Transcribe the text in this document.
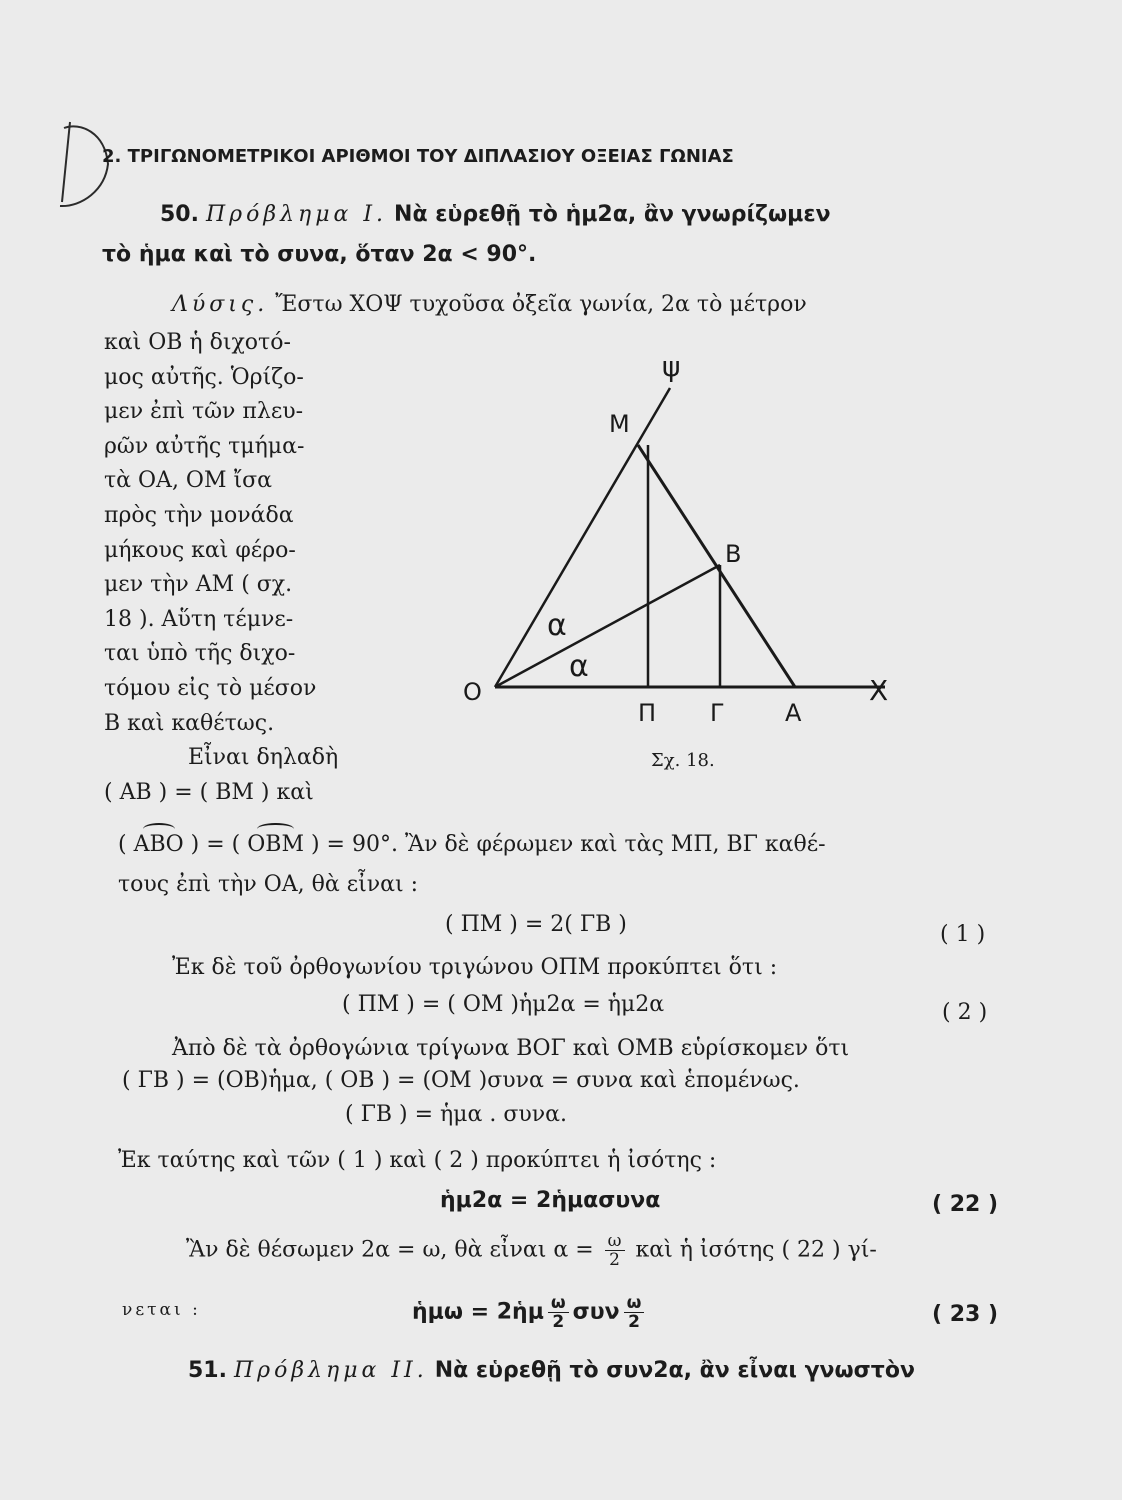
2. ΤΡΙΓΩΝΟΜΕΤΡΙΚΟΙ ΑΡΙΘΜΟΙ ΤΟΥ ΔΙΠΛΑΣΙΟΥ ΟΞΕΙΑΣ ΓΩΝΙΑΣ
50. Πρόβλημα Ι. Νὰ εὑρεθῇ τὸ ἡμ2α, ἂν γνωρίζωμεν
τὸ ἡμα καὶ τὸ συνα, ὅταν 2α < 90°.
Λύσις. Ἔστω ΧΟΨ τυχοῦσα ὀξεῖα γωνία, 2α τὸ μέτρον
καὶ ΟΒ ἡ διχοτό-
μος αὐτῆς. Ὁρίζο-
μεν ἐπὶ τῶν πλευ-
ρῶν αὐτῆς τμήμα-
τὰ ΟΑ, ΟΜ ἴσα
πρὸς τὴν μονάδα
μήκους καὶ φέρο-
μεν τὴν ΑΜ ( σχ.
18 ). Αὕτη τέμνε-
ται ὑπὸ τῆς διχο-
τόμου εἰς τὸ μέσον
Β καὶ καθέτως.
Εἶναι δηλαδὴ
( ΑΒ ) = ( ΒΜ ) καὶ
ψ
M
B
α
α
O	X
Π Γ	A
Σχ. 18.
( ΑΒΟ ) = ( ΟΒΜ ) = 90°. Ἂν δὲ φέρωμεν καὶ τὰς ΜΠ, ΒΓ καθέ-
τους ἐπὶ τὴν ΟΑ, θὰ εἶναι :
( ΠΜ ) = 2( ΓΒ )	( 1 )
Ἐκ δὲ τοῦ ὀρθογωνίου τριγώνου ΟΠΜ προκύπτει ὅτι :
( ΠΜ ) = ( ΟΜ )ἡμ2α = ἡμ2α	( 2 )
Ἀπὸ δὲ τὰ ὀρθογώνια τρίγωνα ΒΟΓ καὶ ΟΜΒ εὑρίσκομεν ὅτι
( ΓΒ ) = (ΟΒ)ἡμα, ( ΟΒ ) = (ΟΜ )συνα = συνα καὶ ἑπομένως.
( ΓΒ ) = ἡμα . συνα.
Ἐκ ταύτης καὶ τῶν ( 1 ) καὶ ( 2 ) προκύπτει ἡ ἰσότης :
ἡμ2α = 2ἡμασυνα	( 22 )
Ἂν δὲ θέσωμεν 2α = ω, θὰ εἶναι $\alpha = \frac{\omega}{2}$ καὶ ἡ ἰσότης ( 22 ) γί-
νεται :	ἡμω = 2ἡμ $\frac{\omega}{2}$ συν $\frac{\omega}{2}$	( 23 )
51. Πρόβλημα ΙΙ. Νὰ εὑρεθῇ τὸ συν2α, ἂν εἶναι γνωστὸν
